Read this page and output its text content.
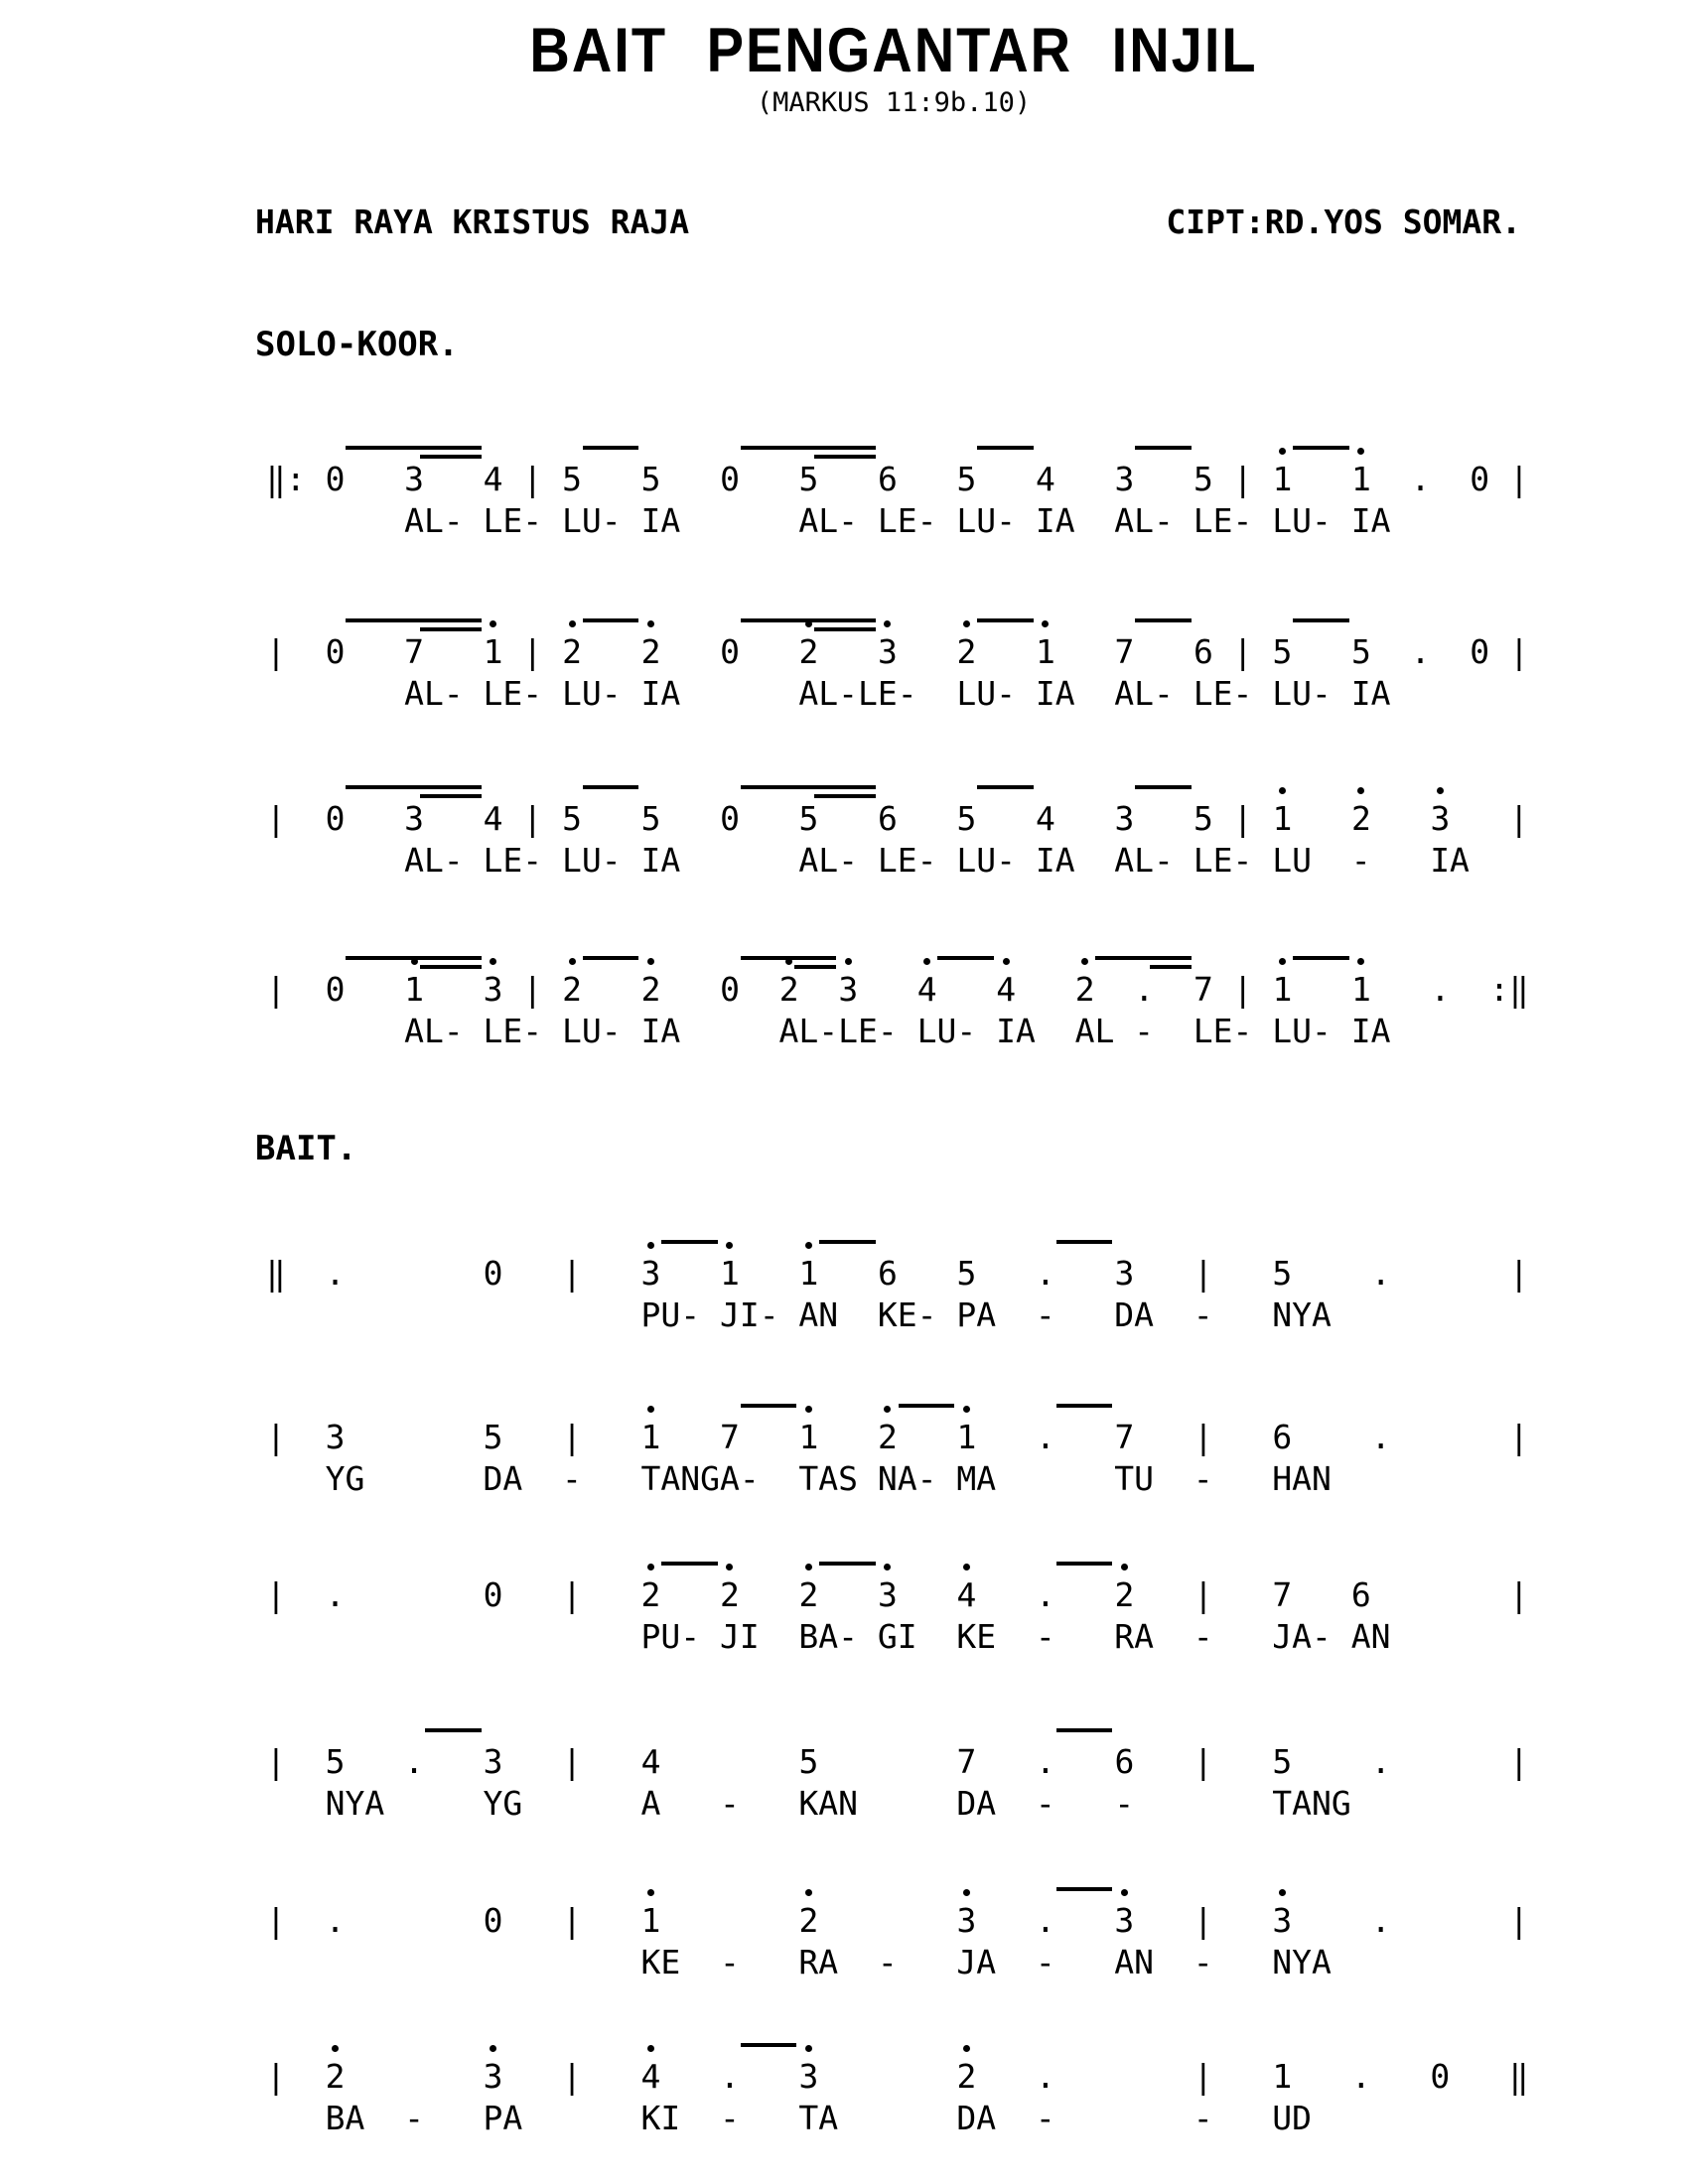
BAIT PENGANTAR INJIL
(MARKUS 11:9b.10)
HARI RAYA KRISTUS RAJA	CIPT:RD.YOS SOMAR.
SOLO-KOOR.
BAIT.
‖: 0 3 4 | 5 5 0 5 6 5 4 3 5 | 1 1 . 0 |
AL- LE- LU- IA      AL- LE- LU- IA  AL- LE- LU- IA
| 0 7 1 | 2 2 0 2 3 2 1 7 6 | 5 5 . 0 |
AL- LE- LU- IA      AL-LE-  LU- IA  AL- LE- LU- IA
| 0 3 4 | 5 5 0 5 6 5 4 3 5 | 1 2 3 |
AL- LE- LU- IA      AL- LE- LU- IA  AL- LE- LU  -   IA
| 0 1 3 | 2 2 0 2 3 4 4 2 . 7 | 1 1 . :‖
AL- LE- LU- IA     AL-LE- LU- IA  AL -  LE- LU- IA
‖ .	0 | 3 1 1 6 5 . 3 | 5 .	|
PU- JI- AN  KE- PA  -   DA  -   NYA
| 3	5 | 1 7 1 2 1 . 7 | 6 .	|
YG      DA  -   TANGA-  TAS NA- MA      TU  -   HAN
| .	0 | 2 2 2 3 4 . 2 | 7 6	|
PU- JI  BA- GI  KE  -   RA  -   JA- AN
| 5 . 3 | 4	5	7 . 6 | 5 .	|
NYA     YG      A   -   KAN     DA  -   -       TANG
| .	0 | 1	2	3 . 3 | 3 .	|
KE  -   RA  -   JA  -   AN  -   NYA
| 2	3 | 4 . 3	2 .	| 1 . 0 ‖
BA  -   PA      KI  -   TA      DA  -       -   UD
